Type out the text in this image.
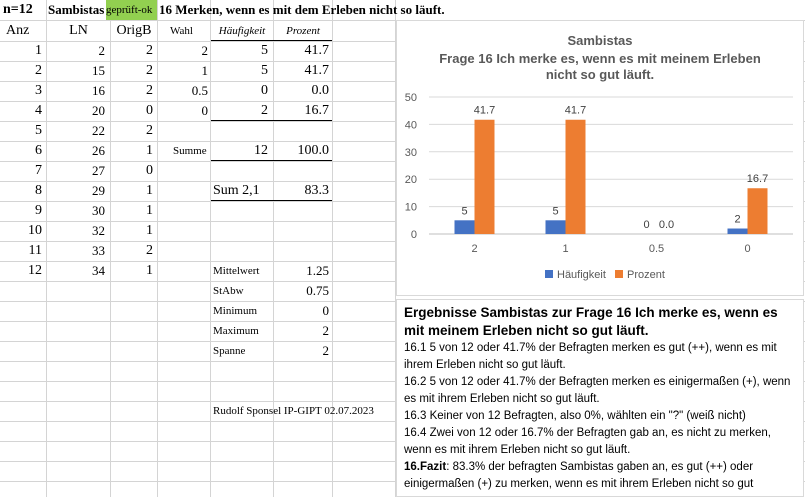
n=12	Sambistas geprüft-ok 16 Merken, wenn es mit dem Erleben nicht so läuft.
Anz	LN	OrigB
1	2	2
2	15	2
3	16	2
4	20	0
5	22	2
6	26	1
7	27	0
8	29	1
9	30	1
10	32	1
11	33	2
12	34	1
Wahl	Häufigkeit	Prozent
2	5	41.7
1	5	41.7
0.5	0	0.0
0	2	16.7
Summe	12	100.0
Sum 2,1	83.3
Mittelwert	1.25
StAbw	0.75
Minimum	0
Maximum	2
Spanne	2
Rudolf Sponsel IP-GIPT 02.07.2023
Sambistas
Frage 16 Ich merke es, wenn es mit meinem Erleben
nicht so gut läuft.
0
10
20
30
40
50
5
41.7
5
41.7
0 0.0	2
16.7
2	1	0.5	0
Häufigkeit Prozent
Ergebnisse Sambistas zur Frage 16 Ich merke es, wenn es mit meinem Erleben nicht so gut läuft.
16.1 5 von 12 oder 41.7% der Befragten merken es gut (++), wenn es mit ihrem Erleben nicht so gut läuft.
16.2 5 von 12 oder 41.7% der Befragten merken es einigermaßen (+), wenn es mit ihrem Erleben nicht so gut läuft.
16.3 Keiner von 12 Befragten, also 0%, wählten ein "?" (weiß nicht)
16.4 Zwei von 12 oder 16.7% der Befragten gab an, es nicht zu merken, wenn es mit ihrem Erleben nicht so gut läuft.
16.Fazit: 83.3% der befragten Sambistas gaben an, es gut (++) oder einigermaßen (+) zu merken, wenn es mit ihrem Erleben nicht so gut
